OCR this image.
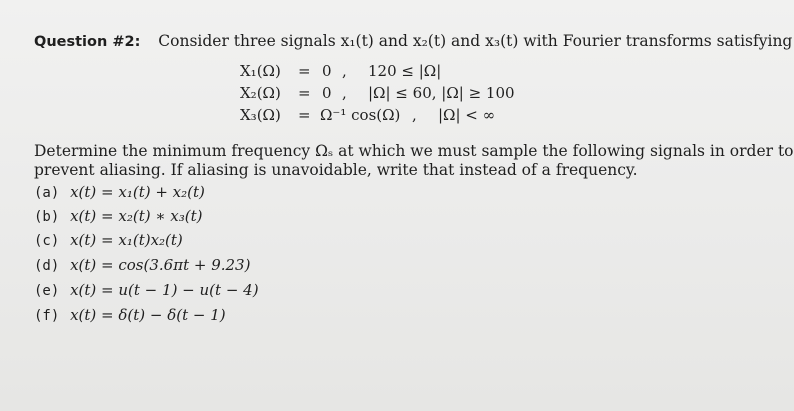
Question #2: Consider three signals x₁(t) and x₂(t) and x₃(t) with Fourier transforms satisfying
X₁(Ω) = 0 , 120 ≤ |Ω|
X₂(Ω) = 0 , |Ω| ≤ 60, |Ω| ≥ 100
X₃(Ω) = Ω⁻¹ cos(Ω) , |Ω| < ∞
Determine the minimum frequency Ωₛ at which we must sample the following signals in order to
prevent aliasing. If aliasing is unavoidable, write that instead of a frequency.
(a) x(t) = x₁(t) + x₂(t)
(b) x(t) = x₂(t) ∗ x₃(t)
(c) x(t) = x₁(t)x₂(t)
(d) x(t) = cos(3.6πt + 9.23)
(e) x(t) = u(t − 1) − u(t − 4)
(f) x(t) = δ(t) − δ(t − 1)
